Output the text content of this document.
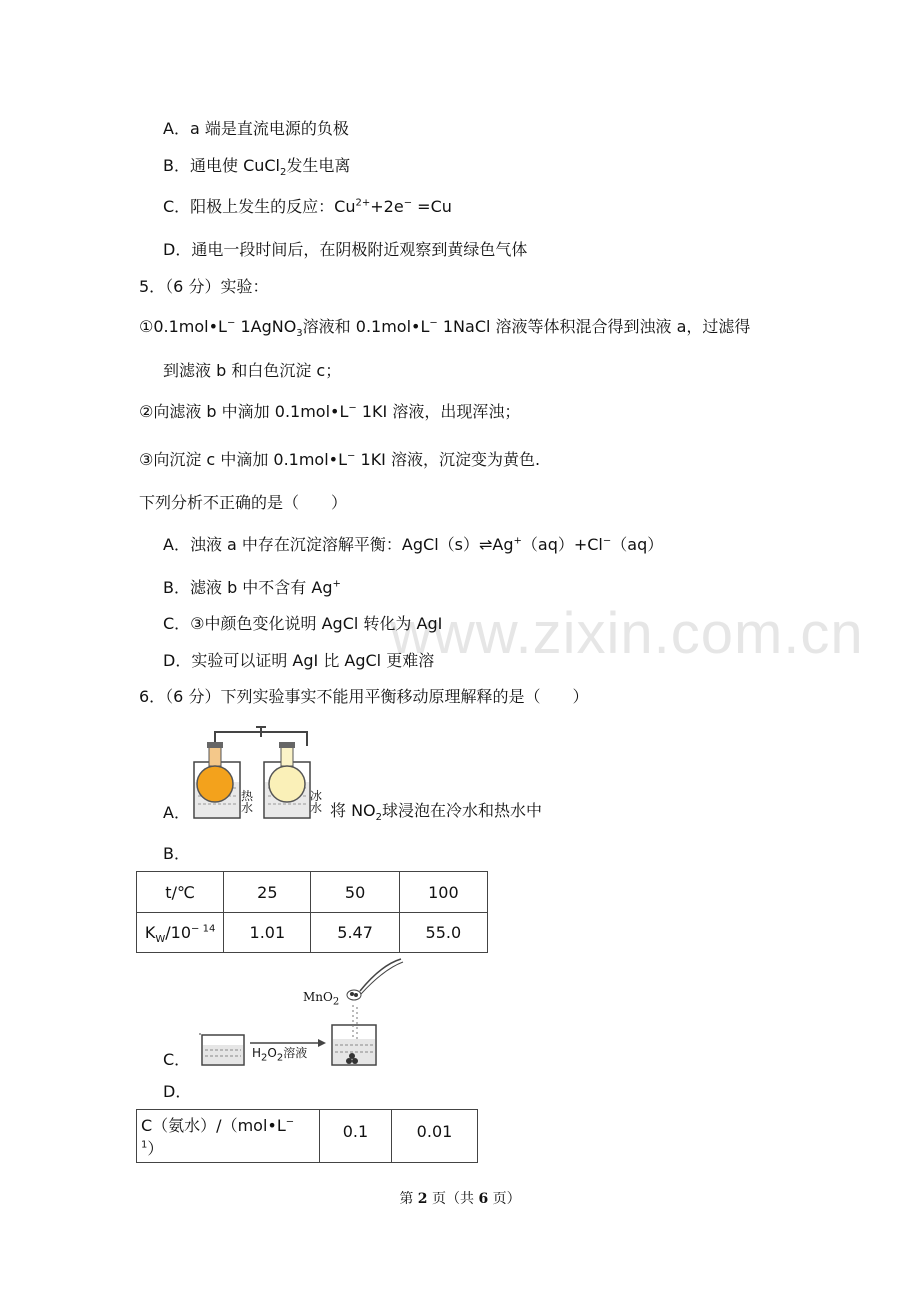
www.zixin.com.cn
A．a 端是直流电源的负极
B．通电使 CuCl$_2$发生电离
C．阳极上发生的反应：$Cu^{2+}+2e^- =Cu$
D．通电一段时间后，在阴极附近观察到黄绿色气体
5．（6 分）实验：
①0.1mol•L− 1AgNO$_3$溶液和 0.1mol•L− 1NaCl 溶液等体积混合得到浊液 a，过滤得
到滤液 b 和白色沉淀 c；
②向滤液 b 中滴加 0.1mol•L− 1KI 溶液，出现浑浊；
③向沉淀 c 中滴加 0.1mol•L− 1KI 溶液，沉淀变为黄色.
下列分析不正确的是（　　）
A．浊液 a 中存在沉淀溶解平衡：AgCl（s）⇌Ag+（aq）+Cl−（aq）
B．滤液 b 中不含有 Ag+
C．③中颜色变化说明 AgCl 转化为 AgI
D．实验可以证明 AgI 比 AgCl 更难溶
6．（6 分）下列实验事实不能用平衡移动原理解释的是（　　）
A．
热水
冰水 将 $NO_2$球浸泡在冷水和热水中
B．
t/℃	25	50	100
$K_W/10^{- 14}$	1.01	5.47	55.0
MnO$_2$
$H_2O_2$溶液
C．
D．
C（氨水）$/(mol•L^{- 1})$	0.1	0.01
第 2 页（共 6 页）
